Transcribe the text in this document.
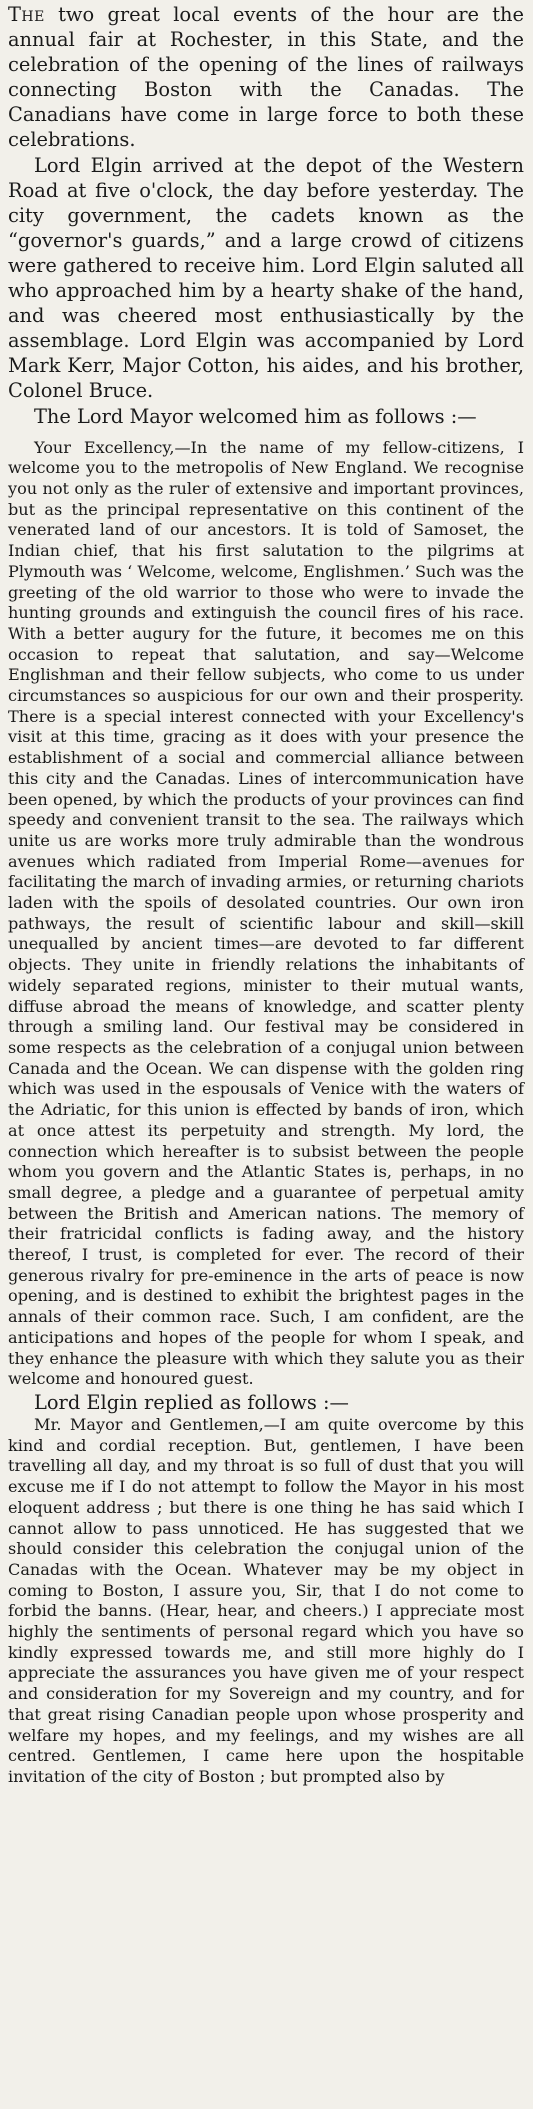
The two great local events of the hour are the annual fair at Rochester, in this State, and the celebration of the opening of the lines of railways connecting Boston with the Canadas. The Canadians have come in large force to both these celebrations.

Lord Elgin arrived at the depot of the Western Road at five o'clock, the day before yesterday. The city government, the cadets known as the “governor's guards,” and a large crowd of citizens were gathered to receive him. Lord Elgin saluted all who approached him by a hearty shake of the hand, and was cheered most enthusiastically by the assemblage. Lord Elgin was accompanied by Lord Mark Kerr, Major Cotton, his aides, and his brother, Colonel Bruce.

The Lord Mayor welcomed him as follows :—

Your Excellency,—In the name of my fellow-citizens, I welcome you to the metropolis of New England. We recognise you not only as the ruler of extensive and important provinces, but as the principal representative on this continent of the venerated land of our ancestors. It is told of Samoset, the Indian chief, that his first salutation to the pilgrims at Plymouth was ‘ Welcome, welcome, Englishmen.’ Such was the greeting of the old warrior to those who were to invade the hunting grounds and extinguish the council fires of his race. With a better augury for the future, it becomes me on this occasion to repeat that salutation, and say—Welcome Englishman and their fellow subjects, who come to us under circumstances so auspicious for our own and their prosperity. There is a special interest connected with your Excellency's visit at this time, gracing as it does with your presence the establishment of a social and commercial alliance between this city and the Canadas. Lines of intercommunication have been opened, by which the products of your provinces can find speedy and convenient transit to the sea. The railways which unite us are works more truly admirable than the wondrous avenues which radiated from Imperial Rome—avenues for facilitating the march of invading armies, or returning chariots laden with the spoils of desolated countries. Our own iron pathways, the result of scientific labour and skill—skill unequalled by ancient times—are devoted to far different objects. They unite in friendly relations the inhabitants of widely separated regions, minister to their mutual wants, diffuse abroad the means of knowledge, and scatter plenty through a smiling land. Our festival may be considered in some respects as the celebration of a conjugal union between Canada and the Ocean. We can dispense with the golden ring which was used in the espousals of Venice with the waters of the Adriatic, for this union is effected by bands of iron, which at once attest its perpetuity and strength. My lord, the connection which hereafter is to subsist between the people whom you govern and the Atlantic States is, perhaps, in no small degree, a pledge and a guarantee of perpetual amity between the British and American nations. The memory of their fratricidal conflicts is fading away, and the history thereof, I trust, is completed for ever. The record of their generous rivalry for pre-eminence in the arts of peace is now opening, and is destined to exhibit the brightest pages in the annals of their common race. Such, I am confident, are the anticipations and hopes of the people for whom I speak, and they enhance the pleasure with which they salute you as their welcome and honoured guest.

Lord Elgin replied as follows :—

Mr. Mayor and Gentlemen,—I am quite overcome by this kind and cordial reception. But, gentlemen, I have been travelling all day, and my throat is so full of dust that you will excuse me if I do not attempt to follow the Mayor in his most eloquent address ; but there is one thing he has said which I cannot allow to pass unnoticed. He has suggested that we should consider this celebration the conjugal union of the Canadas with the Ocean. Whatever may be my object in coming to Boston, I assure you, Sir, that I do not come to forbid the banns. (Hear, hear, and cheers.) I appreciate most highly the sentiments of personal regard which you have so kindly expressed towards me, and still more highly do I appreciate the assurances you have given me of your respect and consideration for my Sovereign and my country, and for that great rising Canadian people upon whose prosperity and welfare my hopes, and my feelings, and my wishes are all centred. Gentlemen, I came here upon the hospitable invitation of the city of Boston ; but prompted also by
